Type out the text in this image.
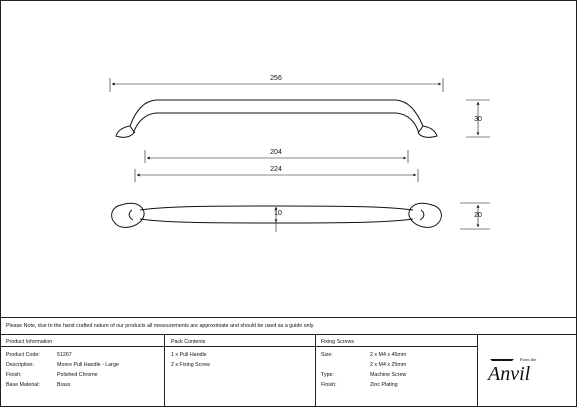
256
30
204
224
10	20
Please Note, due to the hand crafted nature of our products all measurements are approximate and should be used as a guide only.
Product Information	Pack Contents	Fixing Screws
Product Code:	51267
Description:	Moore Pull Handle - Large
Finish:	Polished Chrome
Base Material:	Brass
1 x Pull Handle
2 x Fixing Screw
Size:	2 x M4 x 45mm
2 x M4 x 25mm
Type:	Machine Screw
Finish:	Zinc Plating
From the
Anvil
